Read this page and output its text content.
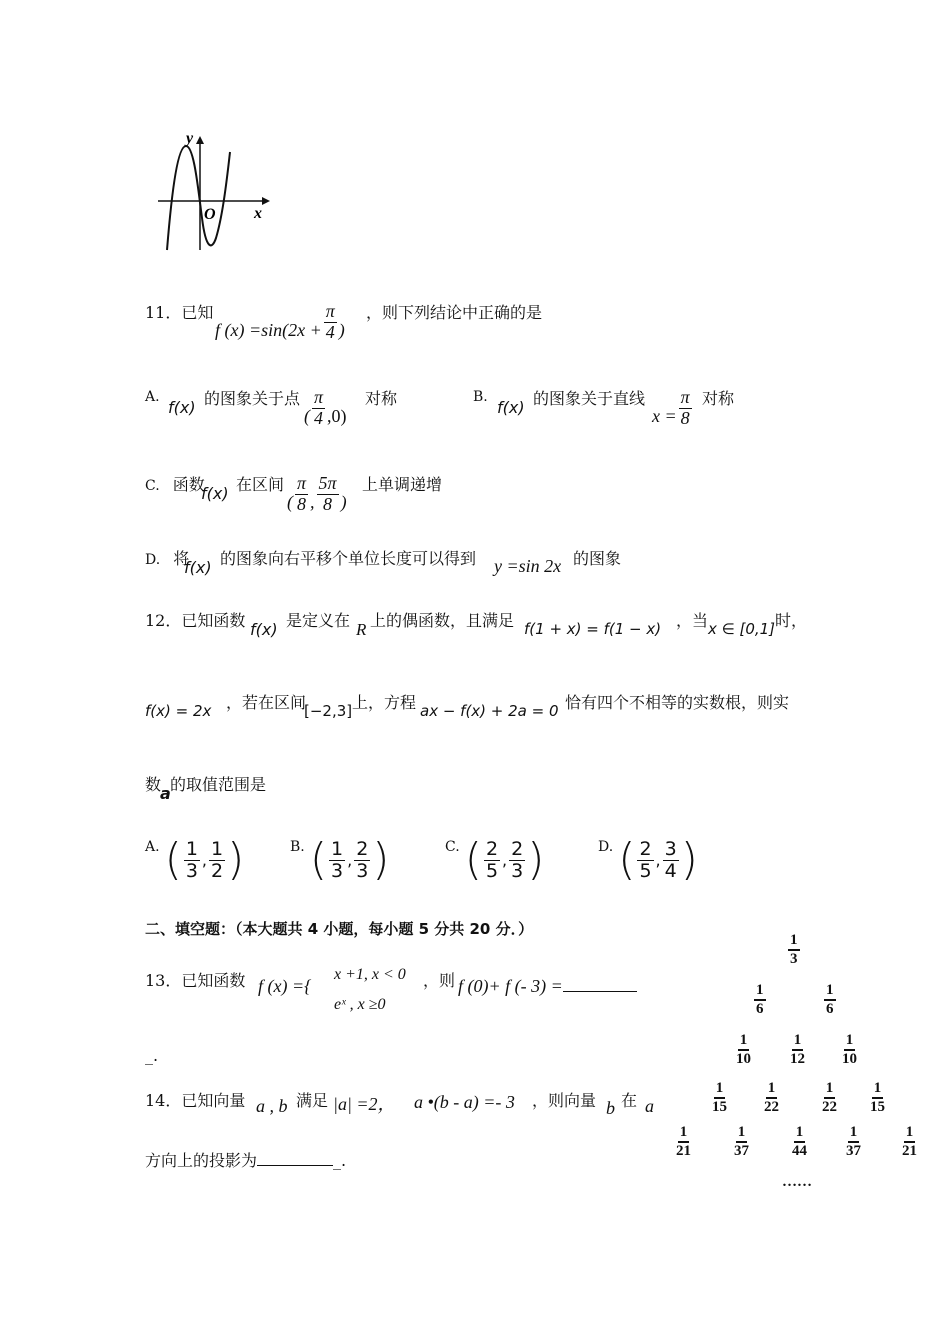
y
x
O
11．已知
f $(x) =\sin(2x + \frac{\pi}{4}$ )
，则下列结论中正确的是
A.
f(x) 的图象关于点
( $\frac{\pi}{4} ,0$)
对称	B.
f(x) 的图象关于直线
$x = \frac{\pi}{8}$ 对称
C. 函数
f(x) 在区间
( $\frac{\pi}{8}$ , $\frac{5\pi}{8}$ )
上单调递增
D. 将
f(x) 的图象向右平移个单位长度可以得到 y =sin 2x 的图象
12．已知函数 f(x) 是定义在 R 上的偶函数，且满足 f(1 + x) = f(1 − x) ，当 x ∈ [0,1] 时，
f(x) = 2x ，若在区间
[−2,3] 上，方程 ax − f(x) + 2a = 0 恰有四个不相等的实数根，则实
数
a 的取值范围是
A. ( $\frac{1}{3}$ , $\frac{1}{2}$ )	B. ( $\frac{1}{3}$ , $\frac{2}{3}$ )	C. ( $\frac{2}{5}$ , $\frac{2}{3}$ )	D. ( $\frac{2}{5}$ , $\frac{3}{4}$ )
二、填空题：（本大题共 4 小题，每小题 5 分共 20 分．）
13．已知函数 f (x) ={
x +1, x < 0
eˣ , x ≥0
，则 f (0)+ f (- 3) =
_.
14．已知向量 a , b 满足 |a| =2， a •(b - a) =- 3 ，则向量 b 在 a
方向上的投影为	_.
$\frac{1}{3}$
$\frac{1}{6}$	$\frac{1}{6}$
$\frac{1}{10} \frac{1}{12} \frac{1}{10}$
$\frac{1}{15} \frac{1}{22}$	$\frac{1}{22} \frac{1}{15}$
$\frac{1}{21}$	$\frac{1}{37}$	$\frac{1}{44} \frac{1}{37} \frac{1}{21}$
……
